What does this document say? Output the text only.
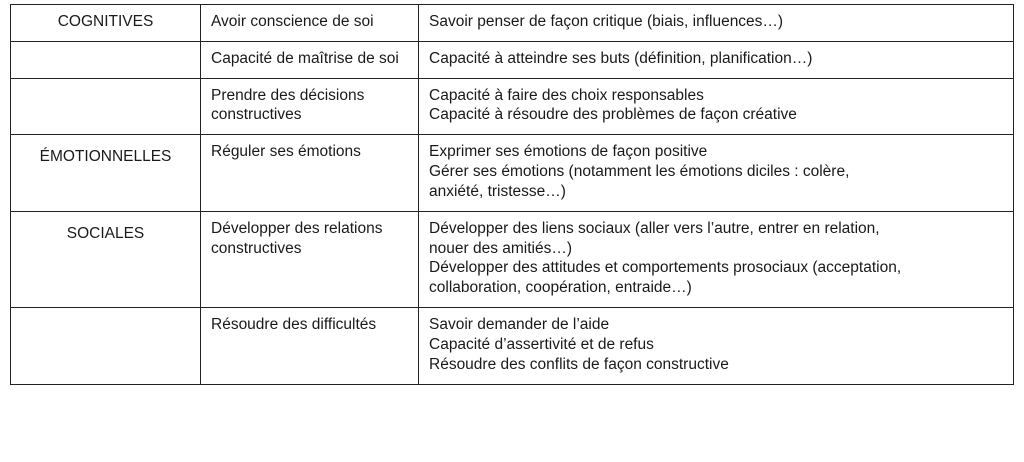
COGNITIVES	Avoir conscience de soi	Savoir penser de façon critique (biais, influences…)

	Capacité de maîtrise de soi	Capacité à atteindre ses buts (définition, planification…)

	Prendre des décisions constructives	Capacité à faire des choix responsables
Capacité à résoudre des problèmes de façon créative

ÉMOTIONNELLES	Réguler ses émotions	Exprimer ses émotions de façon positive
Gérer ses émotions (notamment les émotions diciles : colère,
anxiété, tristesse…)

SOCIALES	Développer des relations constructives	Développer des liens sociaux (aller vers l’autre, entrer en relation,
nouer des amitiés…)
Développer des attitudes et comportements prosociaux (acceptation,
collaboration, coopération, entraide…)

	Résoudre des difficultés	Savoir demander de l’aide
Capacité d’assertivité et de refus
Résoudre des conflits de façon constructive
